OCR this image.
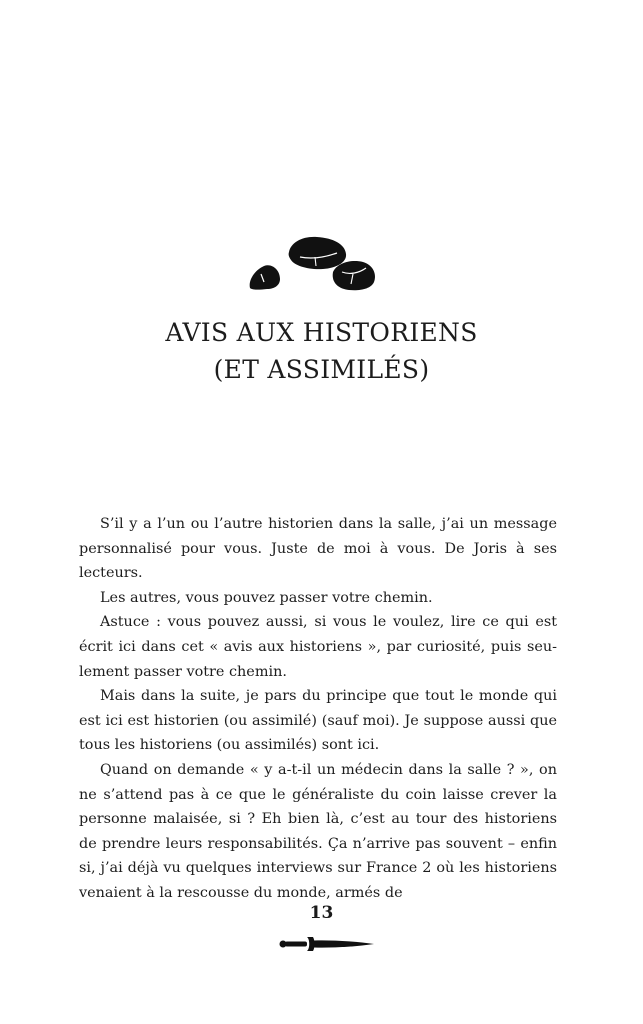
AVIS AUX HISTORIENS
(ET ASSIMILÉS)

S’il y a l’un ou l’autre historien dans la salle, j’ai un message personnalisé pour vous. Juste de moi à vous. De Joris à ses lecteurs.

Les autres, vous pouvez passer votre chemin.

Astuce : vous pouvez aussi, si vous le voulez, lire ce qui est écrit ici dans cet « avis aux historiens », par curiosité, puis seulement passer votre chemin.

Mais dans la suite, je pars du principe que tout le monde qui est ici est historien (ou assimilé) (sauf moi). Je suppose aussi que tous les historiens (ou assimilés) sont ici.

Quand on demande « y a-t-il un médecin dans la salle ? », on ne s’attend pas à ce que le généraliste du coin laisse crever la personne malaisée, si ? Eh bien là, c’est au tour des historiens de prendre leurs responsabilités. Ça n’arrive pas souvent – enfin si, j’ai déjà vu quelques interviews sur France 2 où les historiens venaient à la rescousse du monde, armés de

13
